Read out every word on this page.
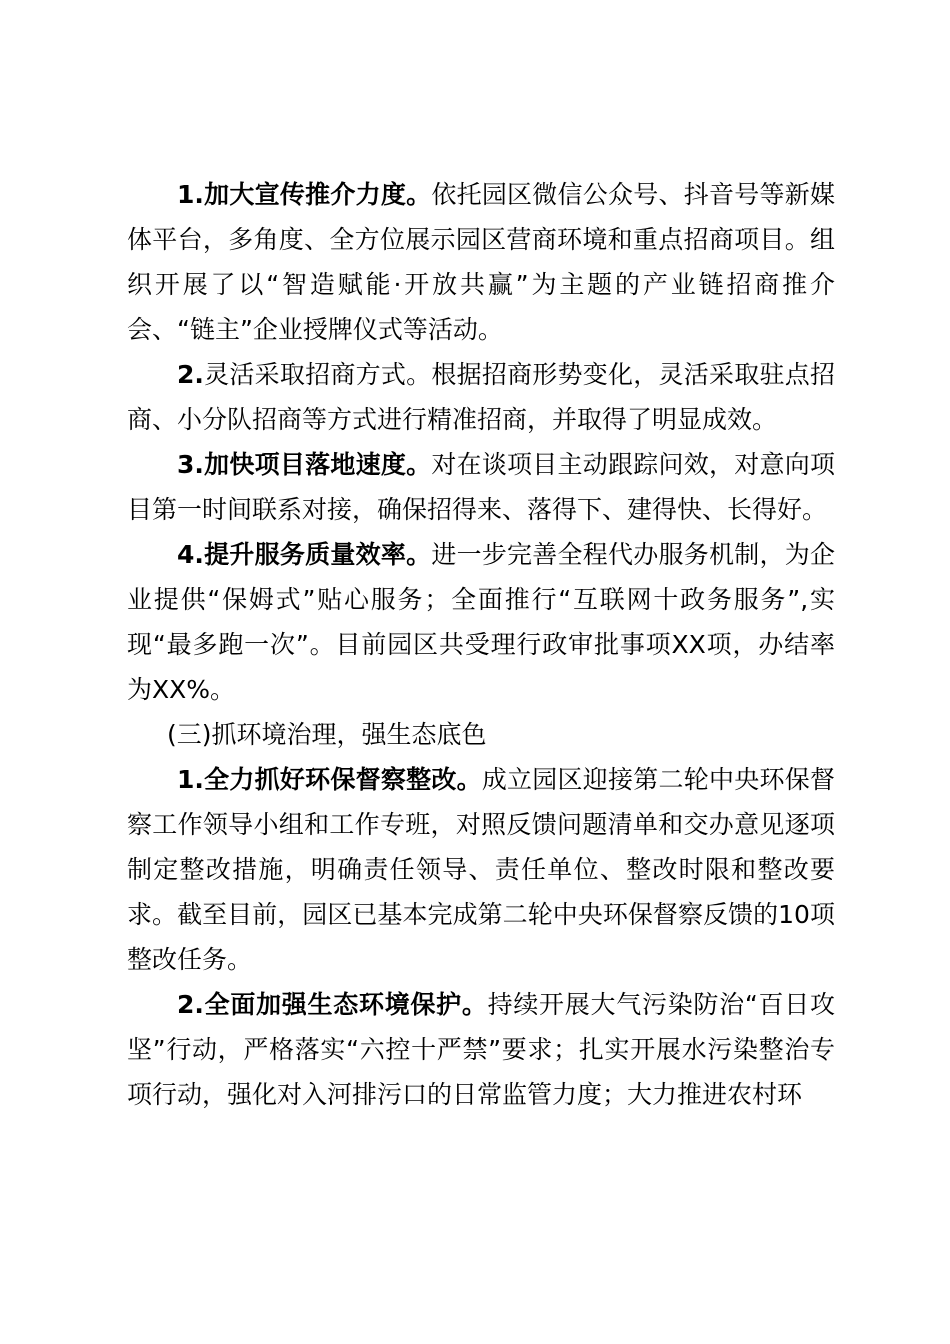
1.加大宣传推介力度。依托园区微信公众号、抖音号等新媒体平台，多角度、全方位展示园区营商环境和重点招商项目。组织开展了以“智造赋能·开放共赢”为主题的产业链招商推介会、“链主”企业授牌仪式等活动。

2.灵活采取招商方式。根据招商形势变化，灵活采取驻点招商、小分队招商等方式进行精准招商，并取得了明显成效。

3.加快项目落地速度。对在谈项目主动跟踪问效，对意向项目第一时间联系对接，确保招得来、落得下、建得快、长得好。

4.提升服务质量效率。进一步完善全程代办服务机制，为企业提供“保姆式”贴心服务；全面推行“互联网十政务服务”,实现“最多跑一次”。目前园区共受理行政审批事项XX项，办结率为XX%。

(三)抓环境治理，强生态底色

1.全力抓好环保督察整改。成立园区迎接第二轮中央环保督察工作领导小组和工作专班，对照反馈问题清单和交办意见逐项制定整改措施，明确责任领导、责任单位、整改时限和整改要求。截至目前，园区已基本完成第二轮中央环保督察反馈的10项整改任务。

2.全面加强生态环境保护。持续开展大气污染防治“百日攻坚”行动，严格落实“六控十严禁”要求；扎实开展水污染整治专项行动，强化对入河排污口的日常监管力度；大力推进农村环
